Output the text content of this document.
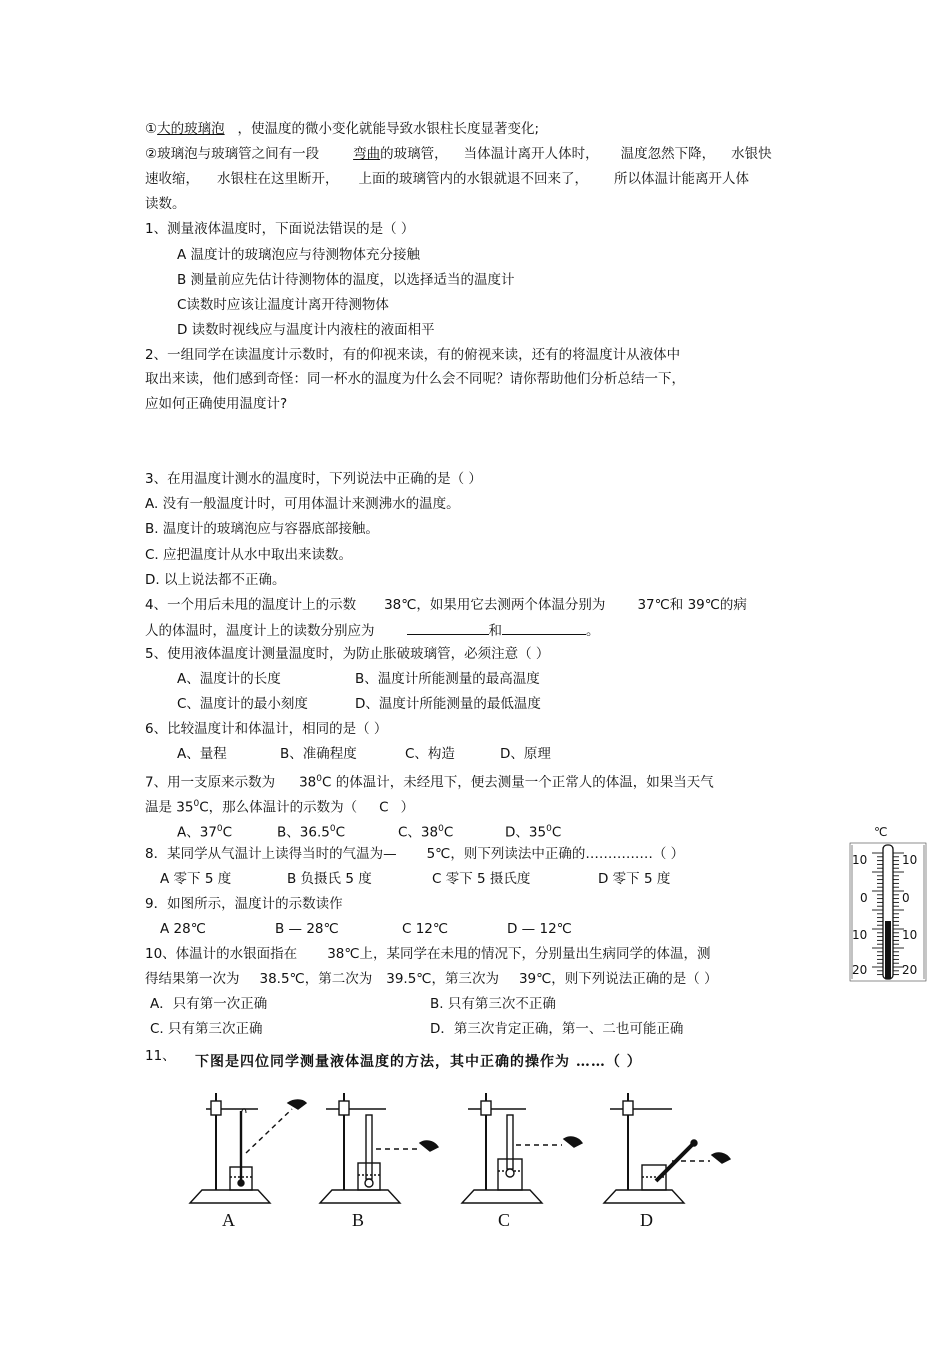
①大的玻璃泡 ，使温度的微小变化就能导致水银柱长度显著变化;
②玻璃泡与玻璃管之间有一段	弯曲的玻璃管， 当体温计离开人体时， 温度忽然下降， 水银快
速收缩， 水银柱在这里断开， 上面的玻璃管内的水银就退不回来了， 所以体温计能离开人体
读数。
1、测量液体温度时，下面说法错误的是（ ）
A 温度计的玻璃泡应与待测物体充分接触
B 测量前应先估计待测物体的温度，以选择适当的温度计
C读数时应该让温度计离开待测物体
D 读数时视线应与温度计内液柱的液面相平
2、一组同学在读温度计示数时，有的仰视来读，有的俯视来读，还有的将温度计从液体中
取出来读，他们感到奇怪：同一杯水的温度为什么会不同呢？请你帮助他们分析总结一下，
应如何正确使用温度计?
3、在用温度计测水的温度时，下列说法中正确的是（ ）
A. 没有一般温度计时，可用体温计来测沸水的温度。
B. 温度计的玻璃泡应与容器底部接触。
C. 应把温度计从水中取出来读数。
D. 以上说法都不正确。
4、一个用后未甩的温度计上的示数 38℃，如果用它去测两个体温分别为 37℃和 39℃的病
人的体温时，温度计上的读数分别应为	和	。
5、使用液体温度计测量温度时，为防止胀破玻璃管，必须注意（ ）
A、温度计的长度	B、温度计所能测量的最高温度
C、温度计的最小刻度	D、温度计所能测量的最低温度
6、比较温度计和体温计，相同的是（ ）
A、量程	B、准确程度	C、构造	D、原理
7、用一支原来示数为 $38^0C$ 的体温计，未经甩下，便去测量一个正常人的体温，如果当天气
温是 $35^0C$，那么体温计的示数为（ C ）
A、$37^0C$	B、36.5$^0$C	C、$38^0C$	D、$35^0C$
8．某同学从气温计上读得当时的气温为— 5℃，则下列读法中正确的……………（ ）
A 零下 5 度	B 负摄氏 5 度	C 零下 5 摄氏度	D 零下 5 度
9．如图所示，温度计的示数读作
A 28℃	B — 28℃	C 12℃	D — 12℃
℃
10
0
10
20
10
0
10
20
10、体温计的水银面指在 38℃上，某同学在未甩的情况下，分别量出生病同学的体温，测
得结果第一次为 38.5℃，第二次为 39.5℃，第三次为 39℃，则下列说法正确的是（ ）
A．只有第一次正确	B. 只有第三次不正确
C. 只有第三次正确	D．第三次肯定正确，第一、二也可能正确
11、 下图是四位同学测量液体温度的方法，其中正确的操作为 ……（ ）
A	B	C	D
